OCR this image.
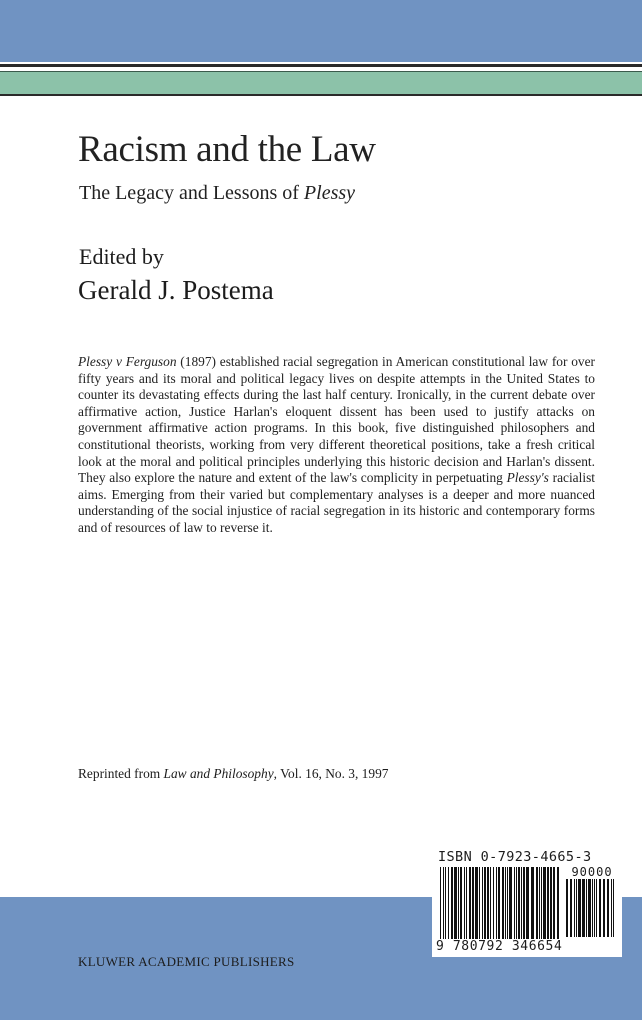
Racism and the Law
The Legacy and Lessons of Plessy
Edited by
Gerald J. Postema
Plessy v Ferguson (1897) established racial segregation in American constitutional law for over fifty years and its moral and political legacy lives on despite attempts in the United States to counter its devastating effects during the last half century. Ironically, in the current debate over affirmative action, Justice Harlan's eloquent dissent has been used to justify attacks on government affirmative action programs. In this book, five distinguished philosophers and constitutional theorists, working from very different theoretical positions, take a fresh critical look at the moral and political principles underlying this historic decision and Harlan's dissent. They also explore the nature and extent of the law's complicity in perpetuating Plessy's racialist aims. Emerging from their varied but complementary analyses is a deeper and more nuanced understanding of the social injustice of racial segregation in its historic and contemporary forms and of resources of law to reverse it.
Reprinted from Law and Philosophy, Vol. 16, No. 3, 1997
KLUWER ACADEMIC PUBLISHERS
ISBN 0-7923-4665-3
90000
9 780792 346654
